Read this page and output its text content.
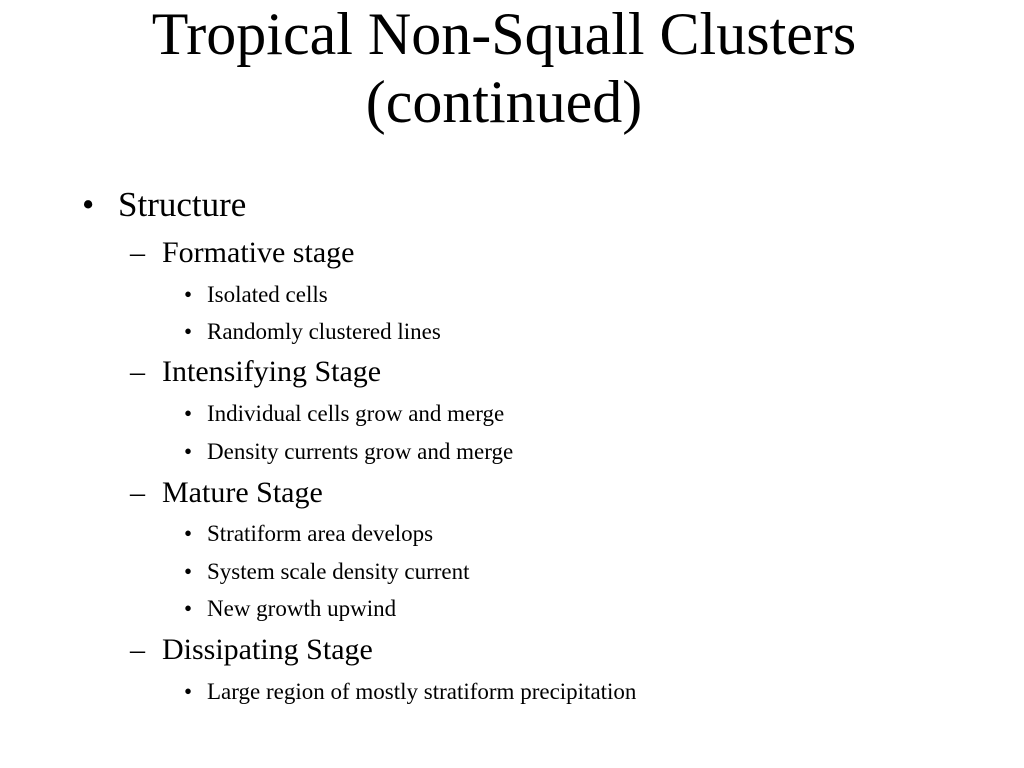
Tropical Non-Squall Clusters
(continued)
• Structure
– Formative stage
• Isolated cells
• Randomly clustered lines
– Intensifying Stage
• Individual cells grow and merge
• Density currents grow and merge
– Mature Stage
• Stratiform area develops
• System scale density current
• New growth upwind
– Dissipating Stage
• Large region of mostly stratiform precipitation
